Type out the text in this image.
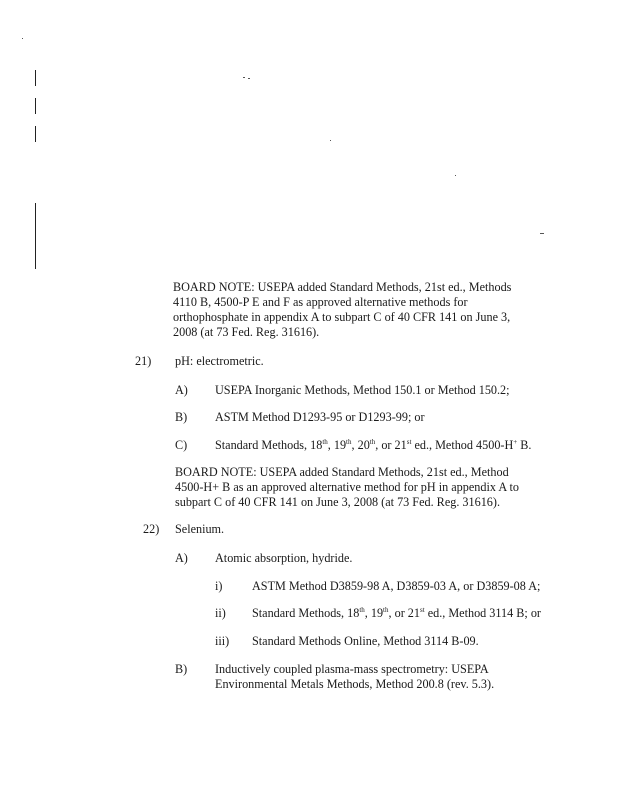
BOARD NOTE: USEPA added Standard Methods, 21st ed., Methods 4110 B, 4500-P E and F as approved alternative methods for orthophosphate in appendix A to subpart C of 40 CFR 141 on June 3, 2008 (at 73 Fed. Reg. 31616).
21) pH: electrometric.
A) USEPA Inorganic Methods, Method 150.1 or Method 150.2;
B) ASTM Method D1293-95 or D1293-99; or
C) Standard Methods, 18th, 19th, 20th, or 21st ed., Method 4500-H+ B.
BOARD NOTE: USEPA added Standard Methods, 21st ed., Method 4500-H+ B as an approved alternative method for pH in appendix A to subpart C of 40 CFR 141 on June 3, 2008 (at 73 Fed. Reg. 31616).
22) Selenium.
A) Atomic absorption, hydride.
i) ASTM Method D3859-98 A, D3859-03 A, or D3859-08 A;
ii) Standard Methods, 18th, 19th, or 21st ed., Method 3114 B; or
iii) Standard Methods Online, Method 3114 B-09.
B) Inductively coupled plasma-mass spectrometry: USEPA Environmental Metals Methods, Method 200.8 (rev. 5.3).
